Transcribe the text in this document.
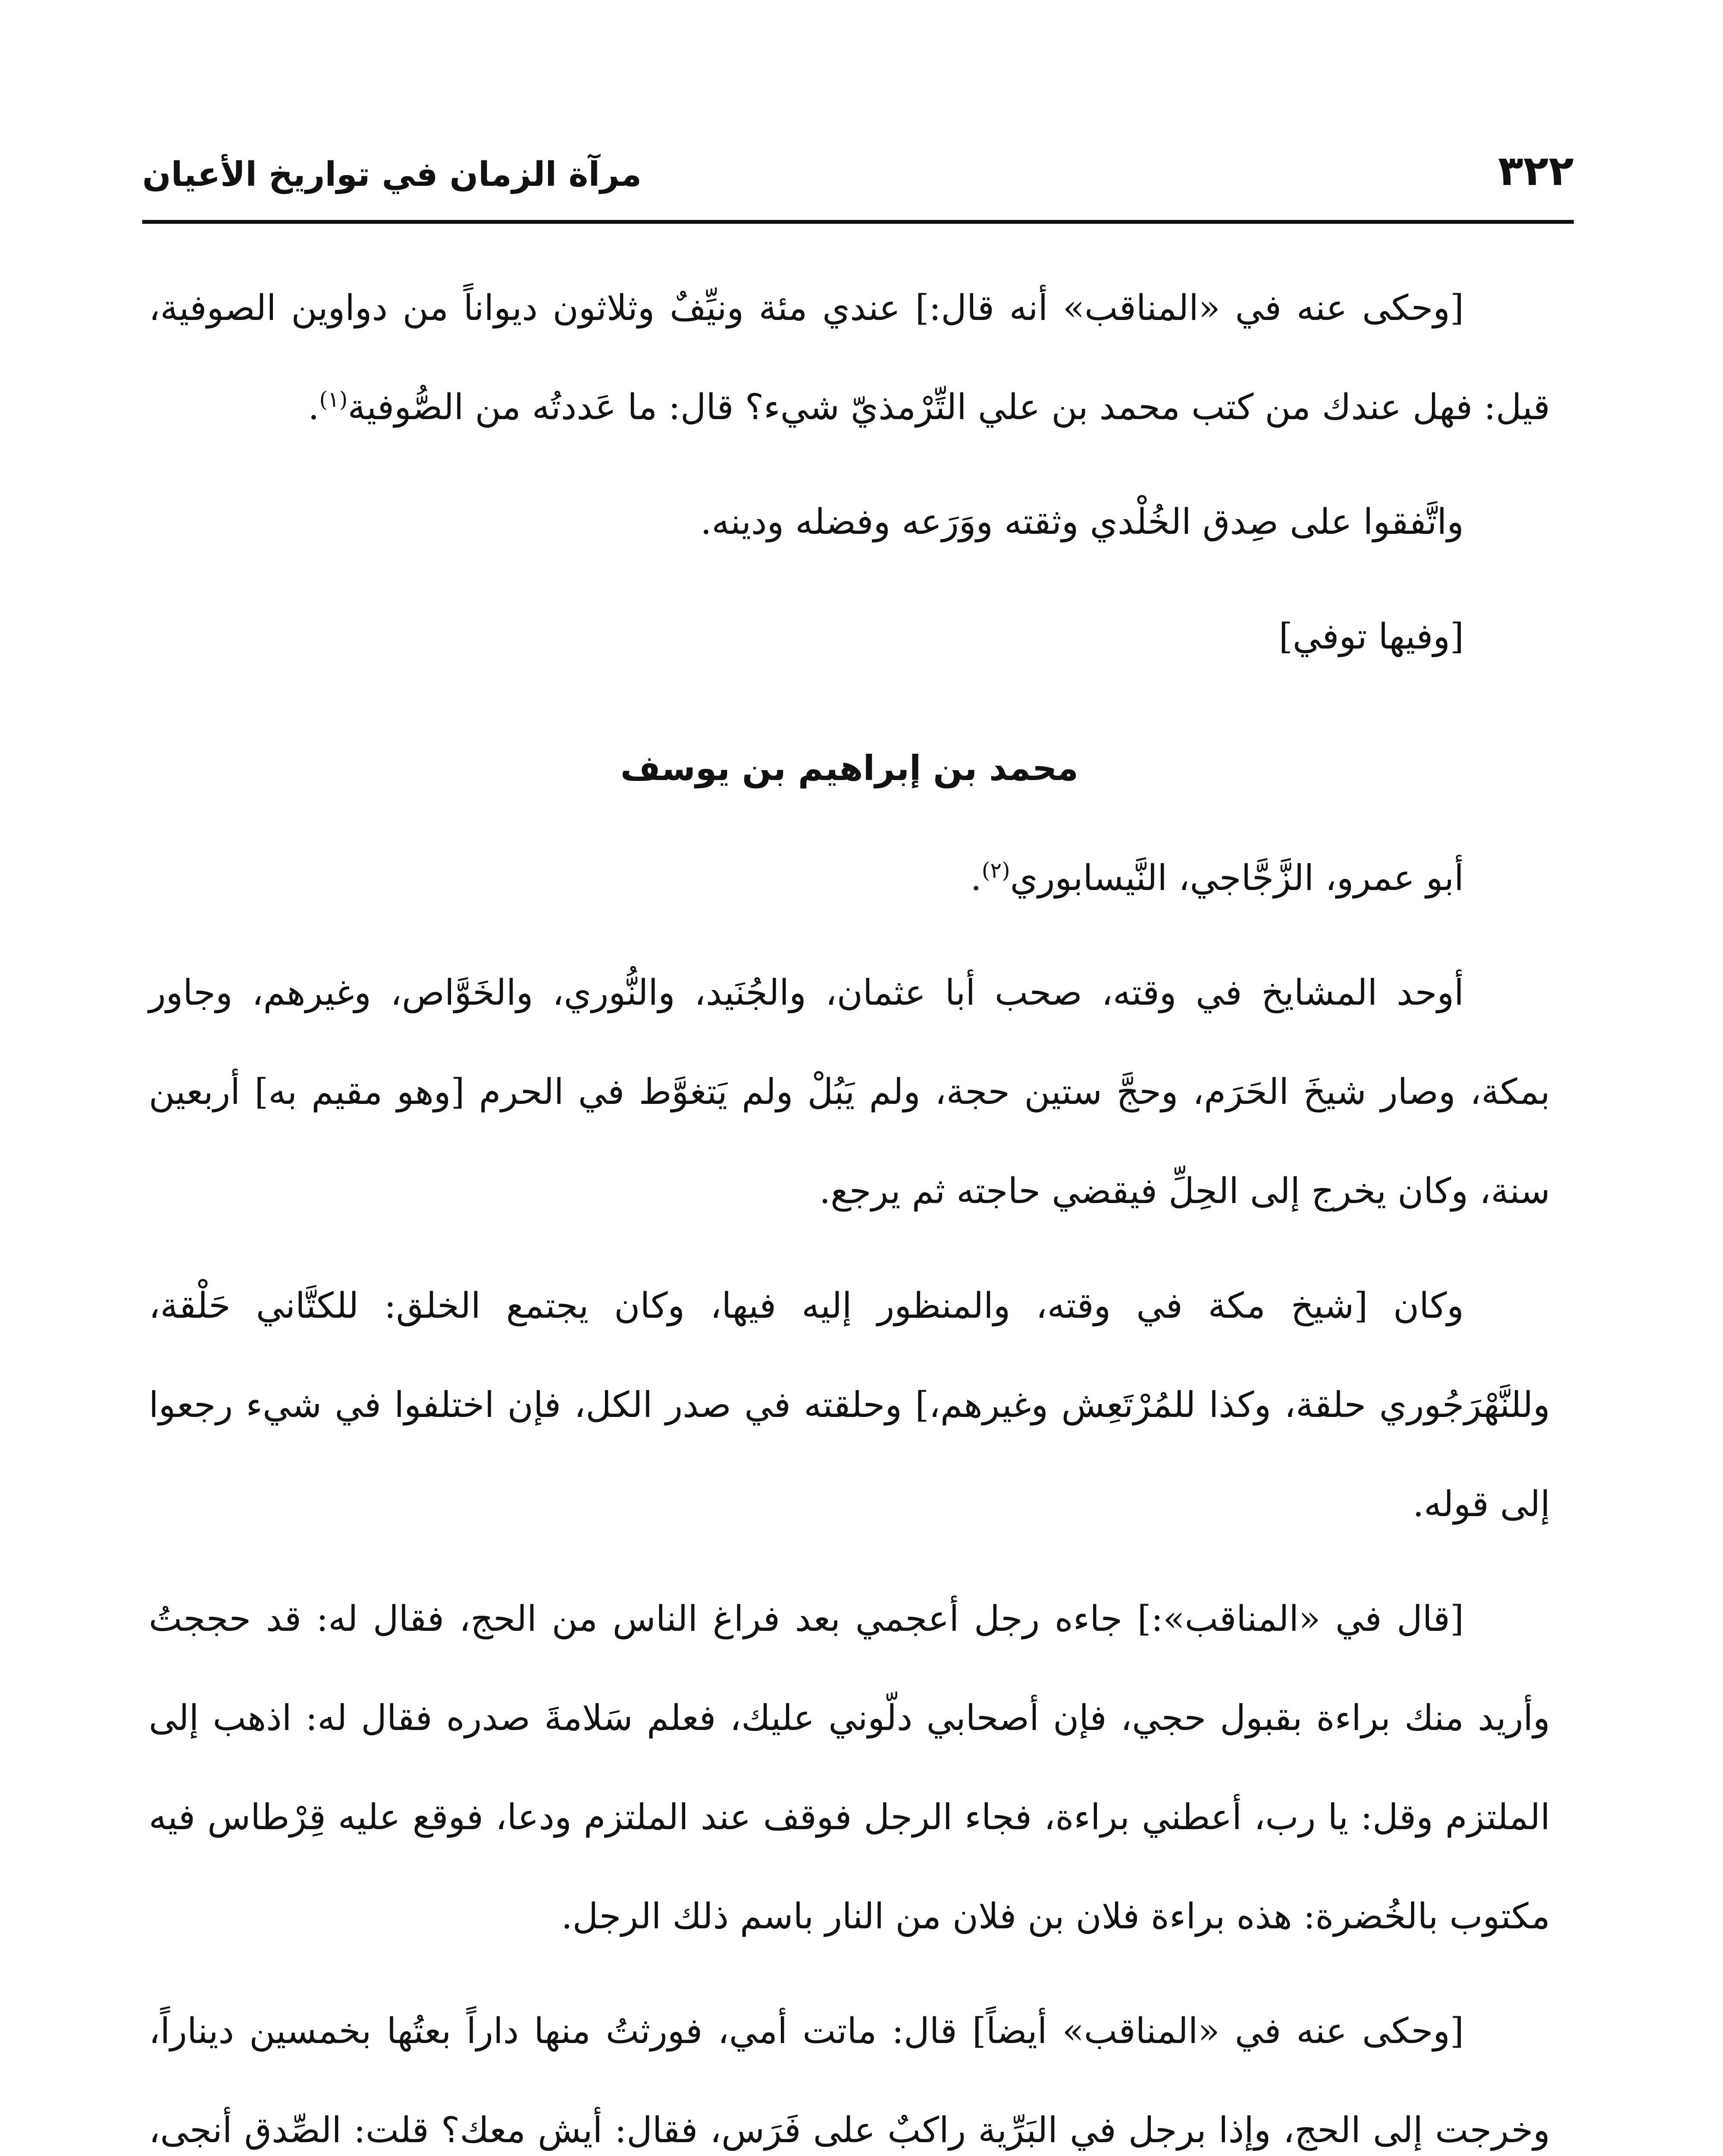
٣٢٢
مرآة الزمان في تواريخ الأعيان

[وحكى عنه في «المناقب» أنه قال:] عندي مئة ونيِّفٌ وثلاثون ديواناً من دواوين الصوفية، قيل: فهل عندك من كتب محمد بن علي التِّرْمذيّ شيء؟ قال: ما عَددتُه من الصُّوفية$^{(١)}$.

واتَّفقوا على صِدق الخُلْدي وثقته ووَرَعه وفضله ودينه.

[وفيها توفي]

محمد بن إبراهيم بن يوسف

أبو عمرو، الزَّجَّاجي، النَّيسابوري$^{(٢)}$.

أوحد المشايخ في وقته، صحب أبا عثمان، والجُنَيد، والنُّوري، والخَوَّاص، وغيرهم، وجاور بمكة، وصار شيخَ الحَرَم، وحجَّ ستين حجة، ولم يَبُلْ ولم يَتغوَّط في الحرم [وهو مقيم به] أربعين سنة، وكان يخرج إلى الحِلِّ فيقضي حاجته ثم يرجع.

وكان [شيخ مكة في وقته، والمنظور إليه فيها، وكان يجتمع الخلق: للكتَّاني حَلْقة، وللنَّهْرَجُوري حلقة، وكذا للمُرْتَعِش وغيرهم،] وحلقته في صدر الكل، فإن اختلفوا في شيء رجعوا إلى قوله.

[قال في «المناقب»:] جاءه رجل أعجمي بعد فراغ الناس من الحج، فقال له: قد حججتُ وأريد منك براءة بقبول حجي، فإن أصحابي دلّوني عليك، فعلم سَلامةَ صدره فقال له: اذهب إلى الملتزم وقل: يا رب، أعطني براءة، فجاء الرجل فوقف عند الملتزم ودعا، فوقع عليه قِرْطاس فيه مكتوب بالخُضرة: هذه براءة فلان بن فلان من النار باسم ذلك الرجل.

[وحكى عنه في «المناقب» أيضاً] قال: ماتت أمي، فورثتُ منها داراً بعتُها بخمسين ديناراً، وخرجت إلى الحج، وإذا برجل في البَرِّية راكبٌ على فَرَس، فقال: أيش معك؟ قلت: الصِّدق أنجى،
